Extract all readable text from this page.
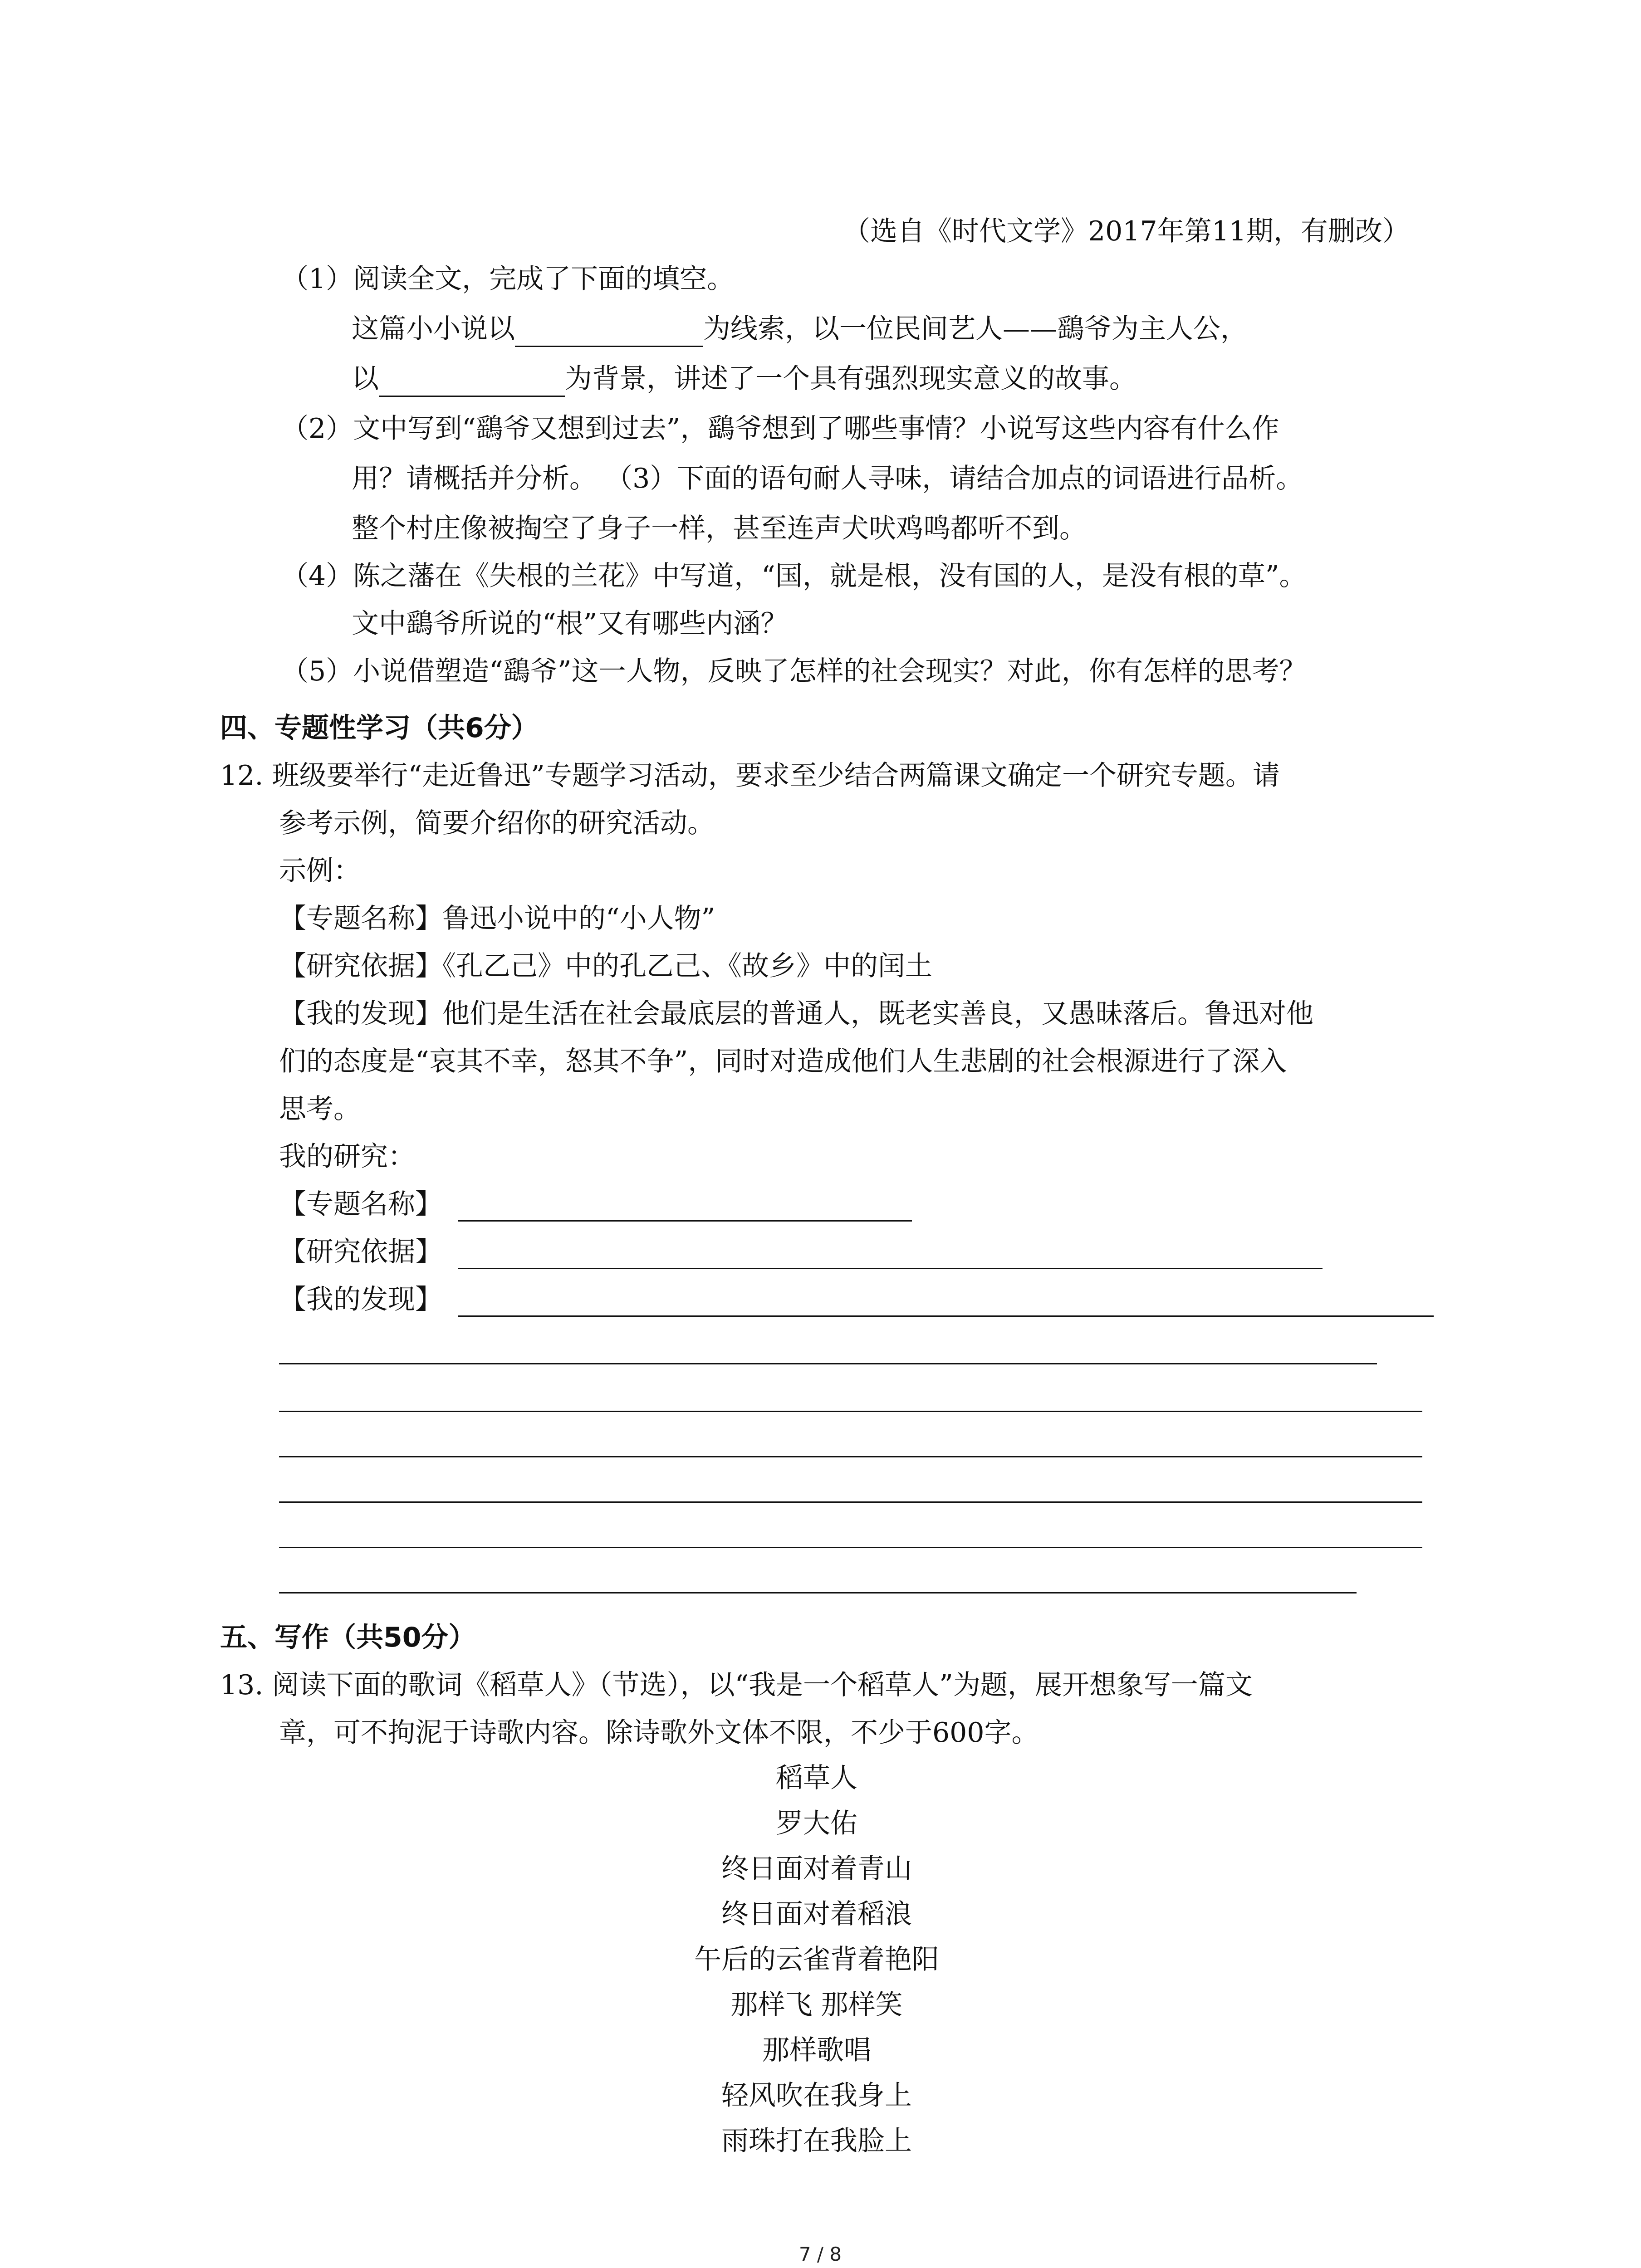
（选自《时代文学》2017年第11期，有删改）
（1）阅读全文，完成了下面的填空。
这篇小小说以	为线索，以一位民间艺人——鷂爷为主人公，
以	为背景，讲述了一个具有强烈现实意义的故事。
（2）文中写到“鷂爷又想到过去”，鷂爷想到了哪些事情？小说写这些内容有什么作
用？请概括并分析。 （3）下面的语句耐人寻味，请结合加点的词语进行品析。
整个村庄像被掏空了身子一样，甚至连声犬吠鸡鸣都听不到。
（4）陈之藩在《失根的兰花》中写道，“国，就是根，没有国的人，是没有根的草”。
文中鷂爷所说的“根”又有哪些内涵？
（5）小说借塑造“鷂爷”这一人物，反映了怎样的社会现实？对此，你有怎样的思考？
四、专题性学习（共6分）
12. 班级要举行“走近鲁迅”专题学习活动，要求至少结合两篇课文确定一个研究专题。请
参考示例，简要介绍你的研究活动。
示例：
【专题名称】鲁迅小说中的“小人物”
【研究依据】《孔乙己》中的孔乙己、《故乡》中的闰土
【我的发现】他们是生活在社会最底层的普通人，既老实善良，又愚昧落后。鲁迅对他
们的态度是“哀其不幸，怒其不争”，同时对造成他们人生悲剧的社会根源进行了深入
思考。
我的研究：
【专题名称】
【研究依据】
【我的发现】
五、写作（共50分）
13. 阅读下面的歌词《稻草人》（节选），以“我是一个稻草人”为题，展开想象写一篇文
章，可不拘泥于诗歌内容。除诗歌外文体不限，不少于600字。
稻草人
罗大佑
终日面对着青山
终日面对着稻浪
午后的云雀背着艳阳
那样飞 那样笑
那样歌唱
轻风吹在我身上
雨珠打在我脸上
7 / 8
